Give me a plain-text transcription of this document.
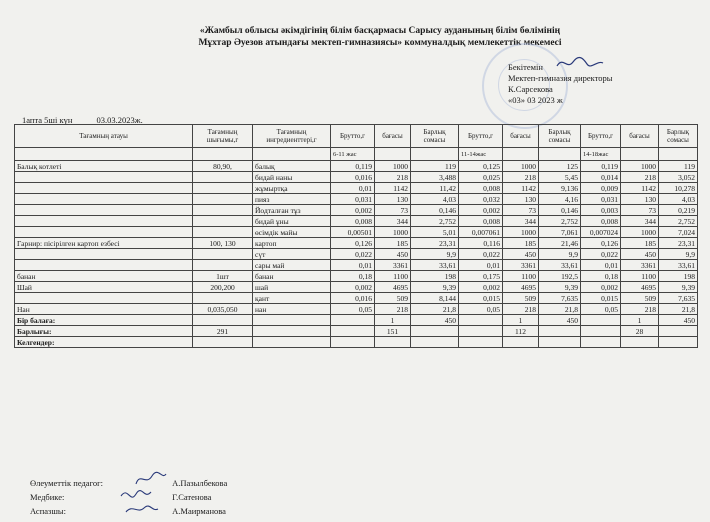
«Жамбыл облысы әкімдігінің білім басқармасы Сарысу ауданының білім бөлімінің
Мұхтар Әуезов атындағы мектеп-гимназиясы» коммуналдық мемлекеттік мекемесі
Бекітемін
Мектеп-гимназия директоры
К.Сарсекова
«03» 03 2023 ж
1апта 5ші күн	03.03.2023ж.
Тағамның атауы	Тағамның шығымы,г	Тағамның ингредиенттері,г	Брутто,г	бағасы	Барлық сомасы	Брутто,г	бағасы	Барлық сомасы	Брутто,г	бағасы	Барлық сомасы
			6-11 жас			11-14жас			14-18жас		
Балық котлеті	80,90,	балық	0,119	1000	119	0,125	1000	125	0,119	1000	119
		бидай наны	0,016	218	3,488	0,025	218	5,45	0,014	218	3,052
		жұмыртқа	0,01	1142	11,42	0,008	1142	9,136	0,009	1142	10,278
		пияз	0,031	130	4,03	0,032	130	4,16	0,031	130	4,03
		Йодталған тұз	0,002	73	0,146	0,002	73	0,146	0,003	73	0,219
		бидай ұны	0,008	344	2,752	0,008	344	2,752	0,008	344	2,752
		өсімдік майы	0,00501	1000	5,01	0,007061	1000	7,061	0,007024	1000	7,024
Гарнир: пісірілген картоп езбесі	100, 130	картоп	0,126	185	23,31	0,116	185	21,46	0,126	185	23,31
		сүт	0,022	450	9,9	0,022	450	9,9	0,022	450	9,9
		сары май	0,01	3361	33,61	0,01	3361	33,61	0,01	3361	33,61
банан	1шт	банан	0,18	1100	198	0,175	1100	192,5	0,18	1100	198
Шай	200,200	шай	0,002	4695	9,39	0,002	4695	9,39	0,002	4695	9,39
		қант	0,016	509	8,144	0,015	509	7,635	0,015	509	7,635
Нан	0,035,050	нан	0,05	218	21,8	0,05	218	21,8	0,05	218	21,8
Бір балаға:				1	450		1	450		1	450
Барлығы:	291			151			112			28	
Келгендер:											
Өлеуметтік педагог:	А.Пазылбекова
Медбике:	Г.Сатенова
Аспазшы:	А.Маирманова
